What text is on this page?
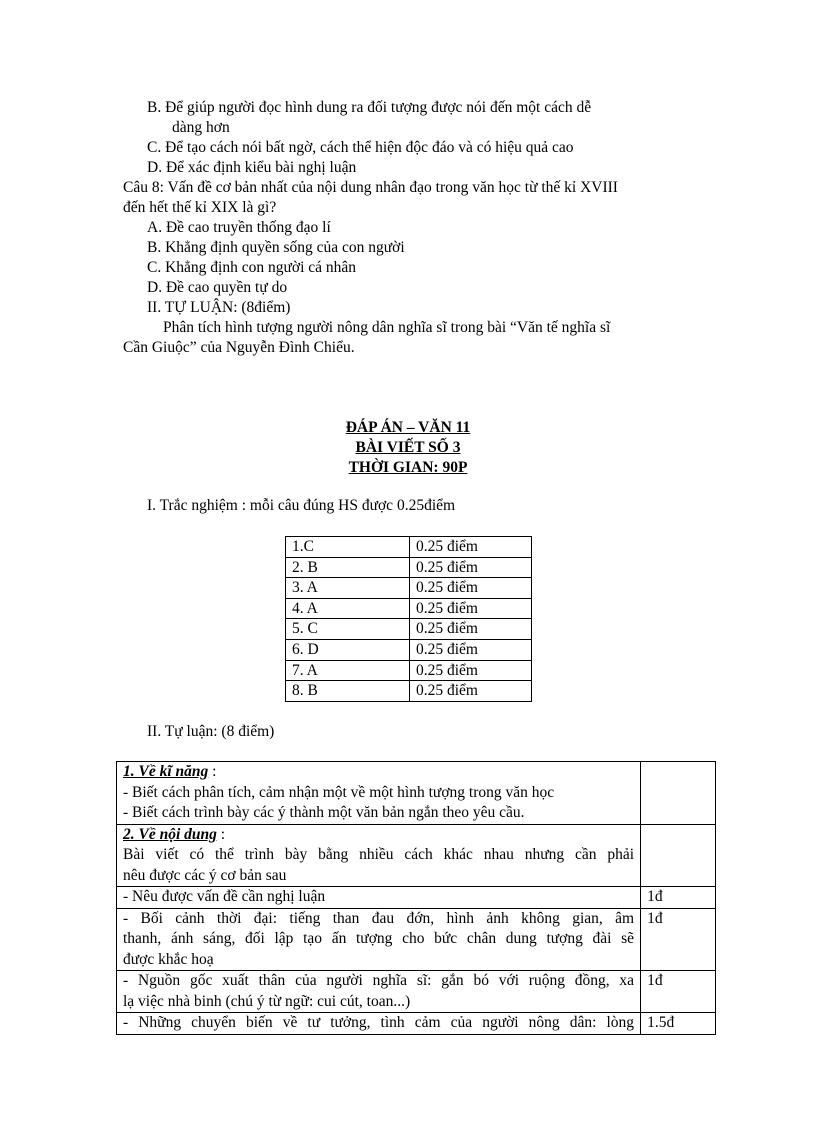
B. Để giúp người đọc hình dung ra đối tượng được nói đến một cách dễ
dàng hơn
C. Để tạo cách nói bất ngờ, cách thể hiện độc đáo và có hiệu quả cao
D. Để xác định kiểu bài nghị luận
Câu 8: Vấn đề cơ bản nhất của nội dung nhân đạo trong văn học từ thế kỉ XVIII
đến hết thế kỉ XIX là gì?
A. Đề cao truyền thống đạo lí
B. Khẳng định quyền sống của con người
C. Khẳng định con người cá nhân
D. Đề cao quyền tự do
II. TỰ LUẬN: (8điểm)
Phân tích hình tượng người nông dân nghĩa sĩ trong bài “Văn tế nghĩa sĩ
Cần Giuộc” của Nguyễn Đình Chiểu.
ĐÁP ÁN – VĂN 11
BÀI VIẾT SỐ 3
THỜI GIAN: 90P
I. Trắc nghiệm : mỗi câu đúng HS được 0.25điểm
1.C	0.25 điểm
2. B	0.25 điểm
3. A	0.25 điểm
4. A	0.25 điểm
5. C	0.25 điểm
6. D	0.25 điểm
7. A	0.25 điểm
8. B	0.25 điểm
II. Tự luận: (8 điểm)
1. Về kĩ năng :
- Biết cách phân tích, cảm nhận một về một hình tượng trong văn học
- Biết cách trình bày các ý thành một văn bản ngắn theo yêu cầu.	

2. Về nội dung :
Bài viết có thể trình bày bằng nhiều cách khác nhau nhưng cần phải
nêu được các ý cơ bản sau	

- Nêu được vấn đề cần nghị luận	1đ

- Bối cảnh thời đại: tiếng than đau đớn, hình ảnh không gian, âm
thanh, ánh sáng, đối lập tạo ấn tượng cho bức chân dung tượng đài sẽ
được khắc hoạ	1đ

- Nguồn gốc xuất thân của người nghĩa sĩ: gắn bó với ruộng đồng, xa
lạ việc nhà binh (chú ý từ ngữ: cui cút, toan...)	1đ

- Những chuyển biến về tư tưởng, tình cảm của người nông dân: lòng	1.5đ
